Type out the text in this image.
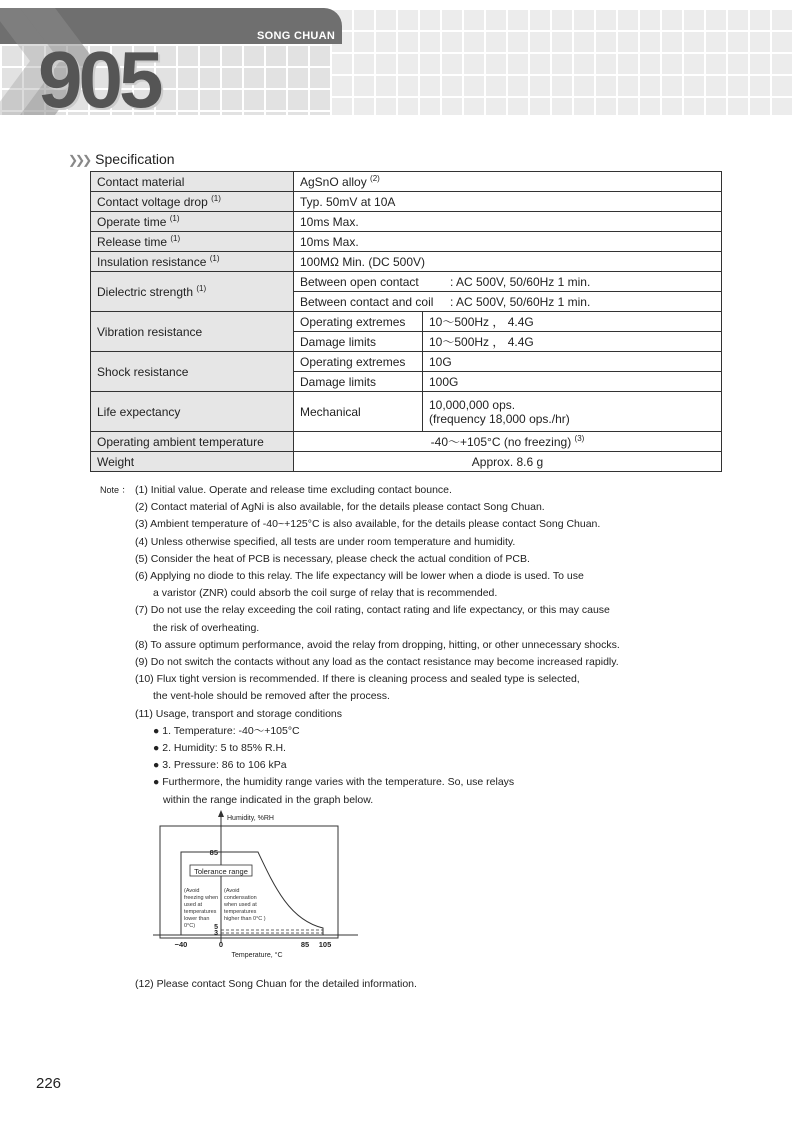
SONG CHUAN
905
❯❯❯ Specification
Contact material	AgSnO alloy $^{(2)}$
Contact voltage drop $^{(1)}$	Typ. 50mV at 10A	
Operate time $^{(1)}$	10ms Max.	
Release time $^{(1)}$	10ms Max.	
Insulation resistance $^{(1)}$	100MΩ Min. (DC 500V)	
Dielectric strength $^{(1)}$	Between open contact : AC 500V, 50/60Hz 1 min.	
	Between contact and coil : AC 500V, 50/60Hz 1 min.	
Vibration resistance	Operating extremes	10～500Hz ， 4.4G
	Damage limits	10～500Hz ， 4.4G
Shock resistance	Operating extremes	10G
	Damage limits	100G
Life expectancy	Mechanical	10,000,000 ops.
(frequency 18,000 ops./hr)

Operating ambient temperature	-40～+105°C (no freezing) $^{(3)}$
Weight	Approx. 8.6 g	

Note ： (1) Initial value. Operate and release time excluding contact bounce.

(2) Contact material of AgNi is also available, for the details please contact Song Chuan.

(3) Ambient temperature of -40~+125°C is also available, for the details please contact Song Chuan.

(4) Unless otherwise specified, all tests are under room temperature and humidity.

(5) Consider the heat of PCB is necessary, please check the actual condition of PCB.

(6) Applying no diode to this relay. The life expectancy will be lower when a diode is used. To use

a varistor (ZNR) could absorb the coil surge of relay that is recommended.

(7) Do not use the relay exceeding the coil rating, contact rating and life expectancy, or this may cause

the risk of overheating.

(8) To assure optimum performance, avoid the relay from dropping, hitting, or other unnecessary shocks.

(9) Do not switch the contacts without any load as the contact resistance may become increased rapidly.

(10) Flux tight version is recommended. If there is cleaning process and sealed type is selected,

the vent-hole should be removed after the process.

(11) Usage, transport and storage conditions

● 1. Temperature: -40～+105°C

● 2. Humidity: 5 to 85% R.H.

● 3. Pressure: 86 to 106 kPa

● Furthermore, the humidity range varies with the temperature. So, use relays

within the range indicated in the graph below.

Tolerance range
Humidity, %RH
Temperature, °C
85
5
3
−40	0	85 105
(Avoid
freezing when
used at
temperatures
lower than
0°C)
(Avoid
condensation
when used at
temperatures
higher than 0°C )
(12) Please contact Song Chuan for the detailed information.
226
